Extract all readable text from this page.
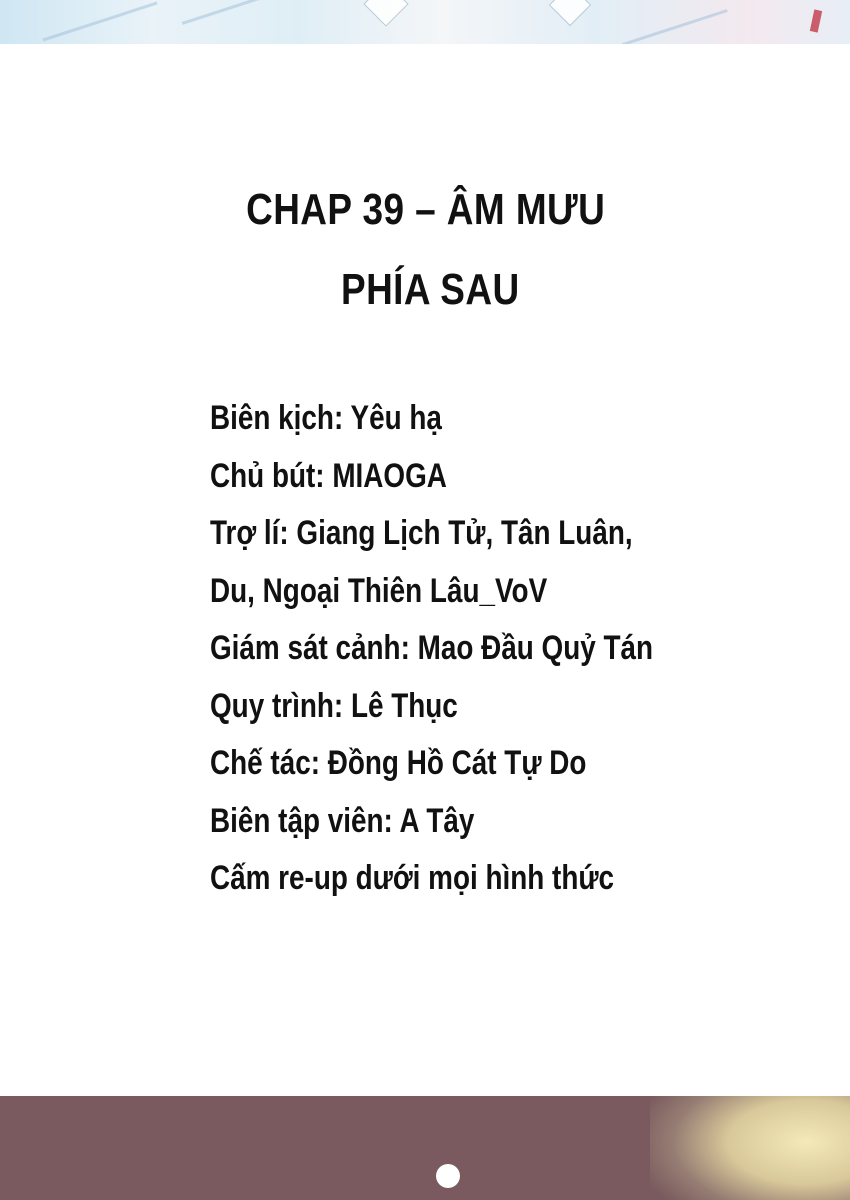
CHAP 39 – ÂM MƯU
PHÍA SAU
Biên kịch: Yêu hạ
Chủ bút: MIAOGA
Trợ lí: Giang Lịch Tử, Tân Luân,
Du, Ngoại Thiên Lâu_VoV
Giám sát cảnh: Mao Đầu Quỷ Tán
Quy trình: Lê Thục
Chế tác: Đồng Hồ Cát Tự Do
Biên tập viên: A Tây
Cấm re-up dưới mọi hình thức
